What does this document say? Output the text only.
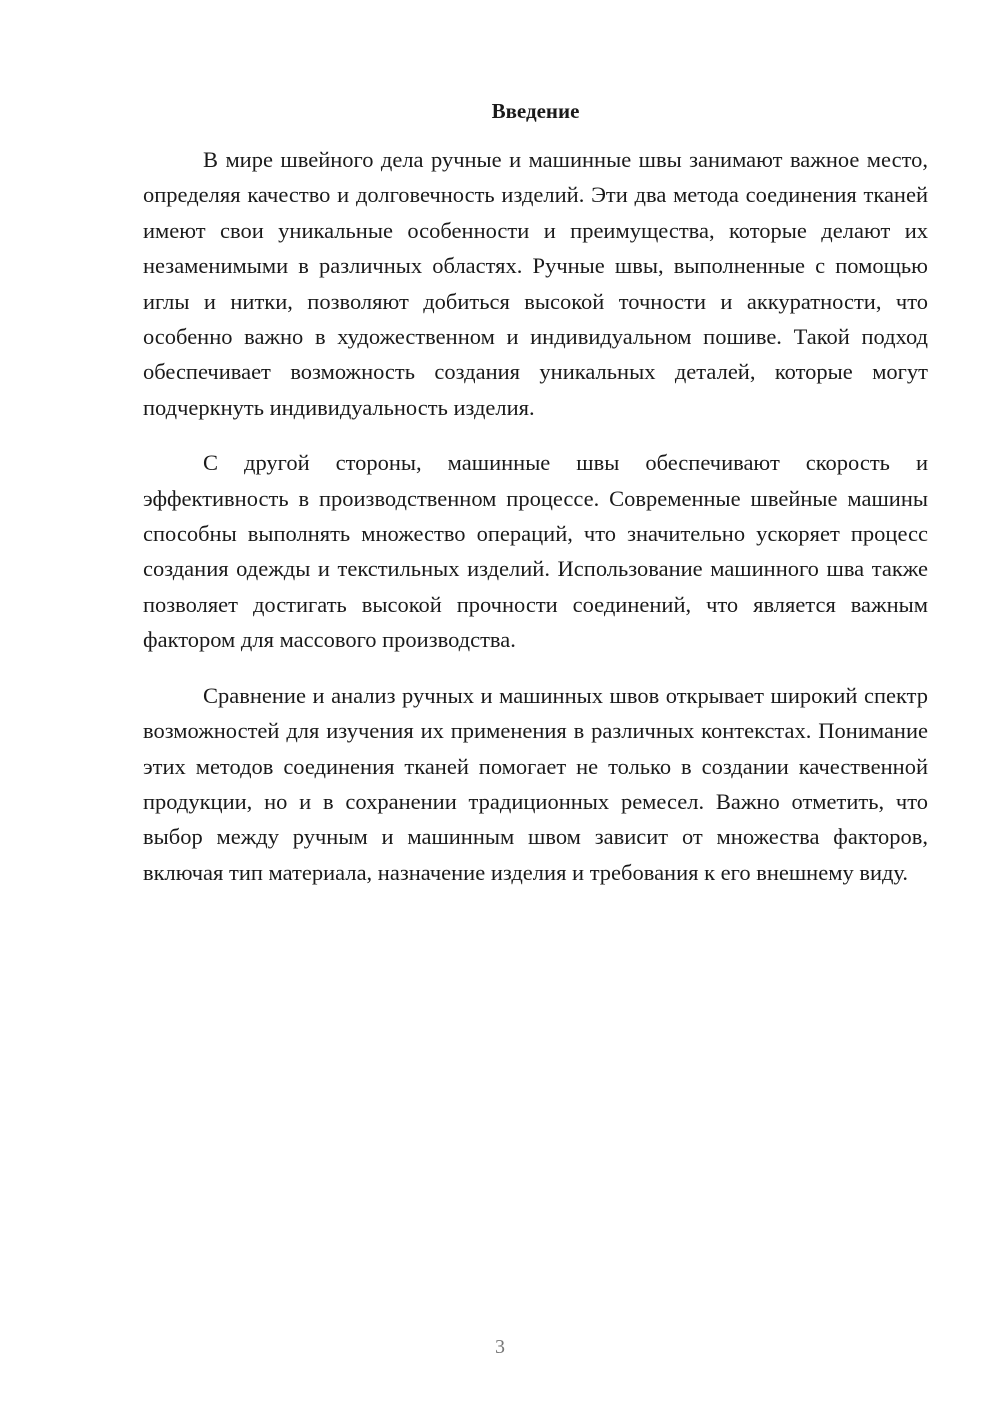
Введение

В мире швейного дела ручные и машинные швы занимают важное место, определяя качество и долговечность изделий. Эти два метода соединения тканей имеют свои уникальные особенности и преимущества, которые делают их незаменимыми в различных областях. Ручные швы, выполненные с помощью иглы и нитки, позволяют добиться высокой точности и аккуратности, что особенно важно в художественном и индивидуальном пошиве. Такой подход обеспечивает возможность создания уникальных деталей, которые могут подчеркнуть индивидуальность изделия.

С другой стороны, машинные швы обеспечивают скорость и эффективность в производственном процессе. Современные швейные машины способны выполнять множество операций, что значительно ускоряет процесс создания одежды и текстильных изделий. Использование машинного шва также позволяет достигать высокой прочности соединений, что является важным фактором для массового производства.

Сравнение и анализ ручных и машинных швов открывает широкий спектр возможностей для изучения их применения в различных контекстах. Понимание этих методов соединения тканей помогает не только в создании качественной продукции, но и в сохранении традиционных ремесел. Важно отметить, что выбор между ручным и машинным швом зависит от множества факторов, включая тип материала, назначение изделия и требования к его внешнему виду.

3
